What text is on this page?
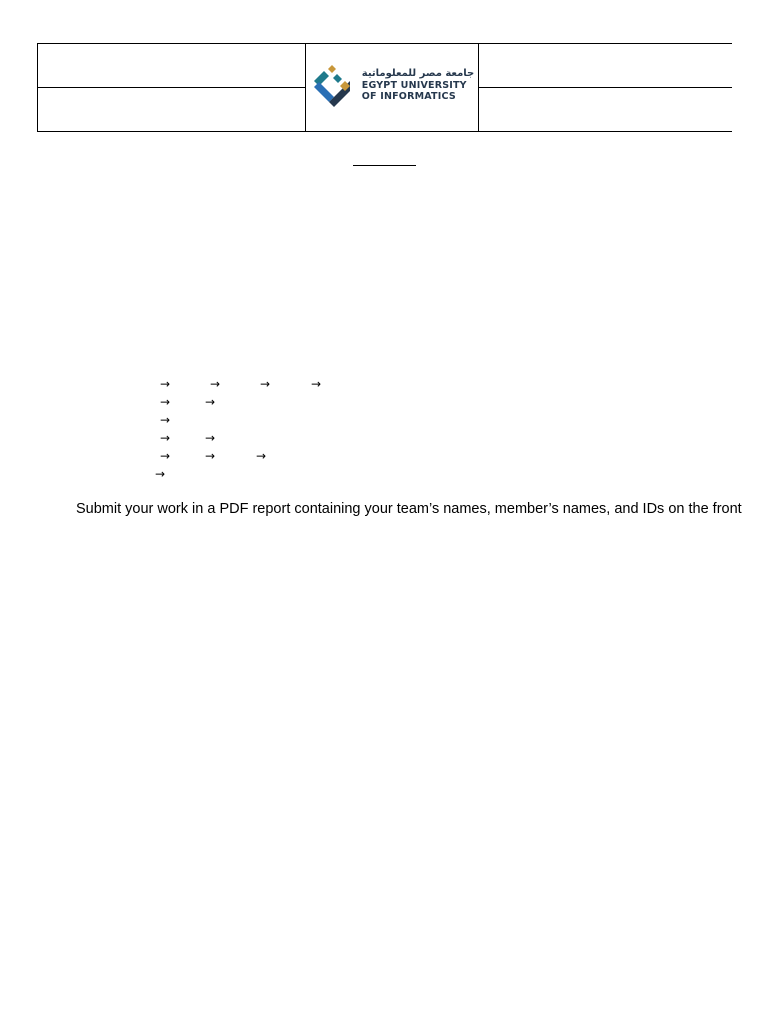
	جامعة مصر للمعلوماتية
EGYPT UNIVERSITY
OF INFORMATICS	

→	→	→	→
→	→
→
→	→
→	→	→
→
Submit your work in a PDF report containing your team’s names, member’s names, and IDs on the front
